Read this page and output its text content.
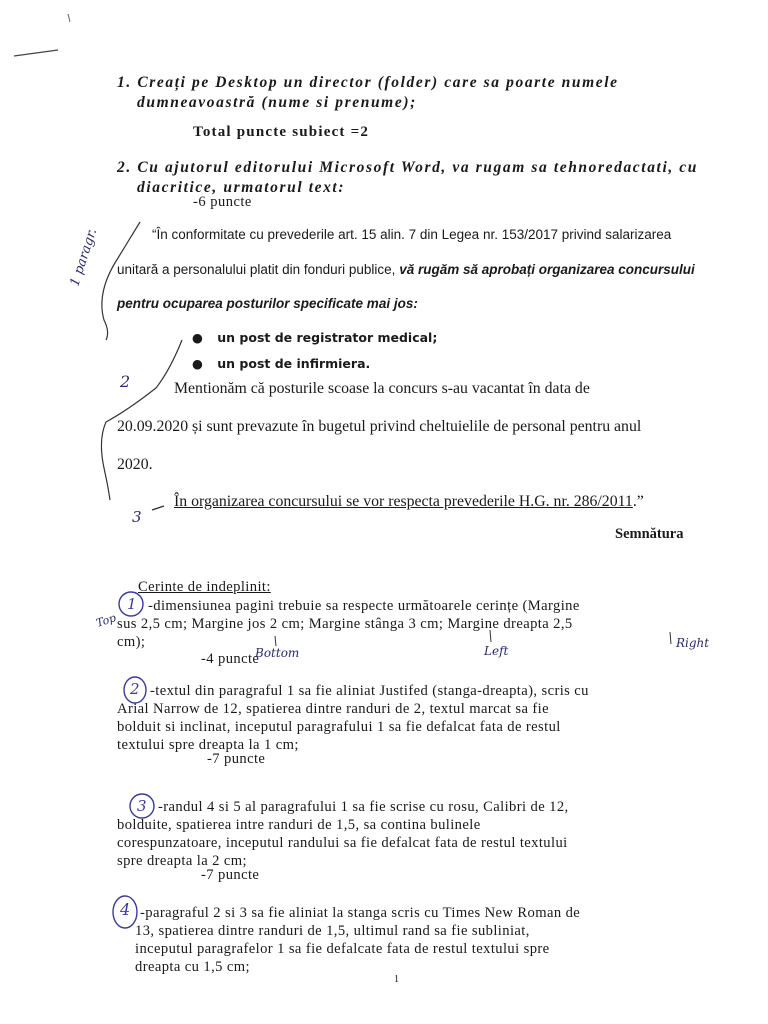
1. Creați pe Desktop un director (folder) care sa poarte numele
dumneavoastră (nume si prenume);
Total puncte subiect =2
2. Cu ajutorul editorului Microsoft Word, va rugam sa tehnoredactati, cu
diacritice, urmatorul text:
-6 puncte
“În conformitate cu prevederile art. 15 alin. 7 din Legea nr. 153/2017 privind salarizarea
unitară a personalului platit din fonduri publice, vă rugăm să aprobați organizarea concursului
pentru ocuparea posturilor specificate mai jos:
● un post de registrator medical;
● un post de infirmiera.
Mentionăm că posturile scoase la concurs s-au vacantat în data de
20.09.2020 și sunt prevazute în bugetul privind cheltuielile de personal pentru anul
2020.
În organizarea concursului se vor respecta prevederile H.G. nr. 286/2011.”
Semnătura
Cerinte de indeplinit:
-dimensiunea pagini trebuie sa respecte următoarele cerințe (Margine
sus 2,5 cm; Margine jos 2 cm; Margine stânga 3 cm; Margine dreapta 2,5
cm);
-4 puncte
-textul din paragraful 1 sa fie aliniat Justifed (stanga-dreapta), scris cu
Arial Narrow de 12, spatierea dintre randuri de 2, textul marcat sa fie
bolduit si inclinat, inceputul paragrafului 1 sa fie defalcat fata de restul
textului spre dreapta la 1 cm;
-7 puncte
-randul 4 si 5 al paragrafului 1 sa fie scrise cu rosu, Calibri de 12,
bolduite, spatierea intre randuri de 1,5, sa contina bulinele
corespunzatoare, inceputul randului sa fie defalcat fata de restul textului
spre dreapta la 2 cm;
-7 puncte
-paragraful 2 si 3 sa fie aliniat la stanga scris cu Times New Roman de
13, spatierea dintre randuri de 1,5, ultimul rand sa fie subliniat,
inceputul paragrafelor 1 sa fie defalcate fata de restul textului spre
dreapta cu 1,5 cm;
1
1 paragr.
2
3
1
2
3
4
Top
Bottom	Left
Right
